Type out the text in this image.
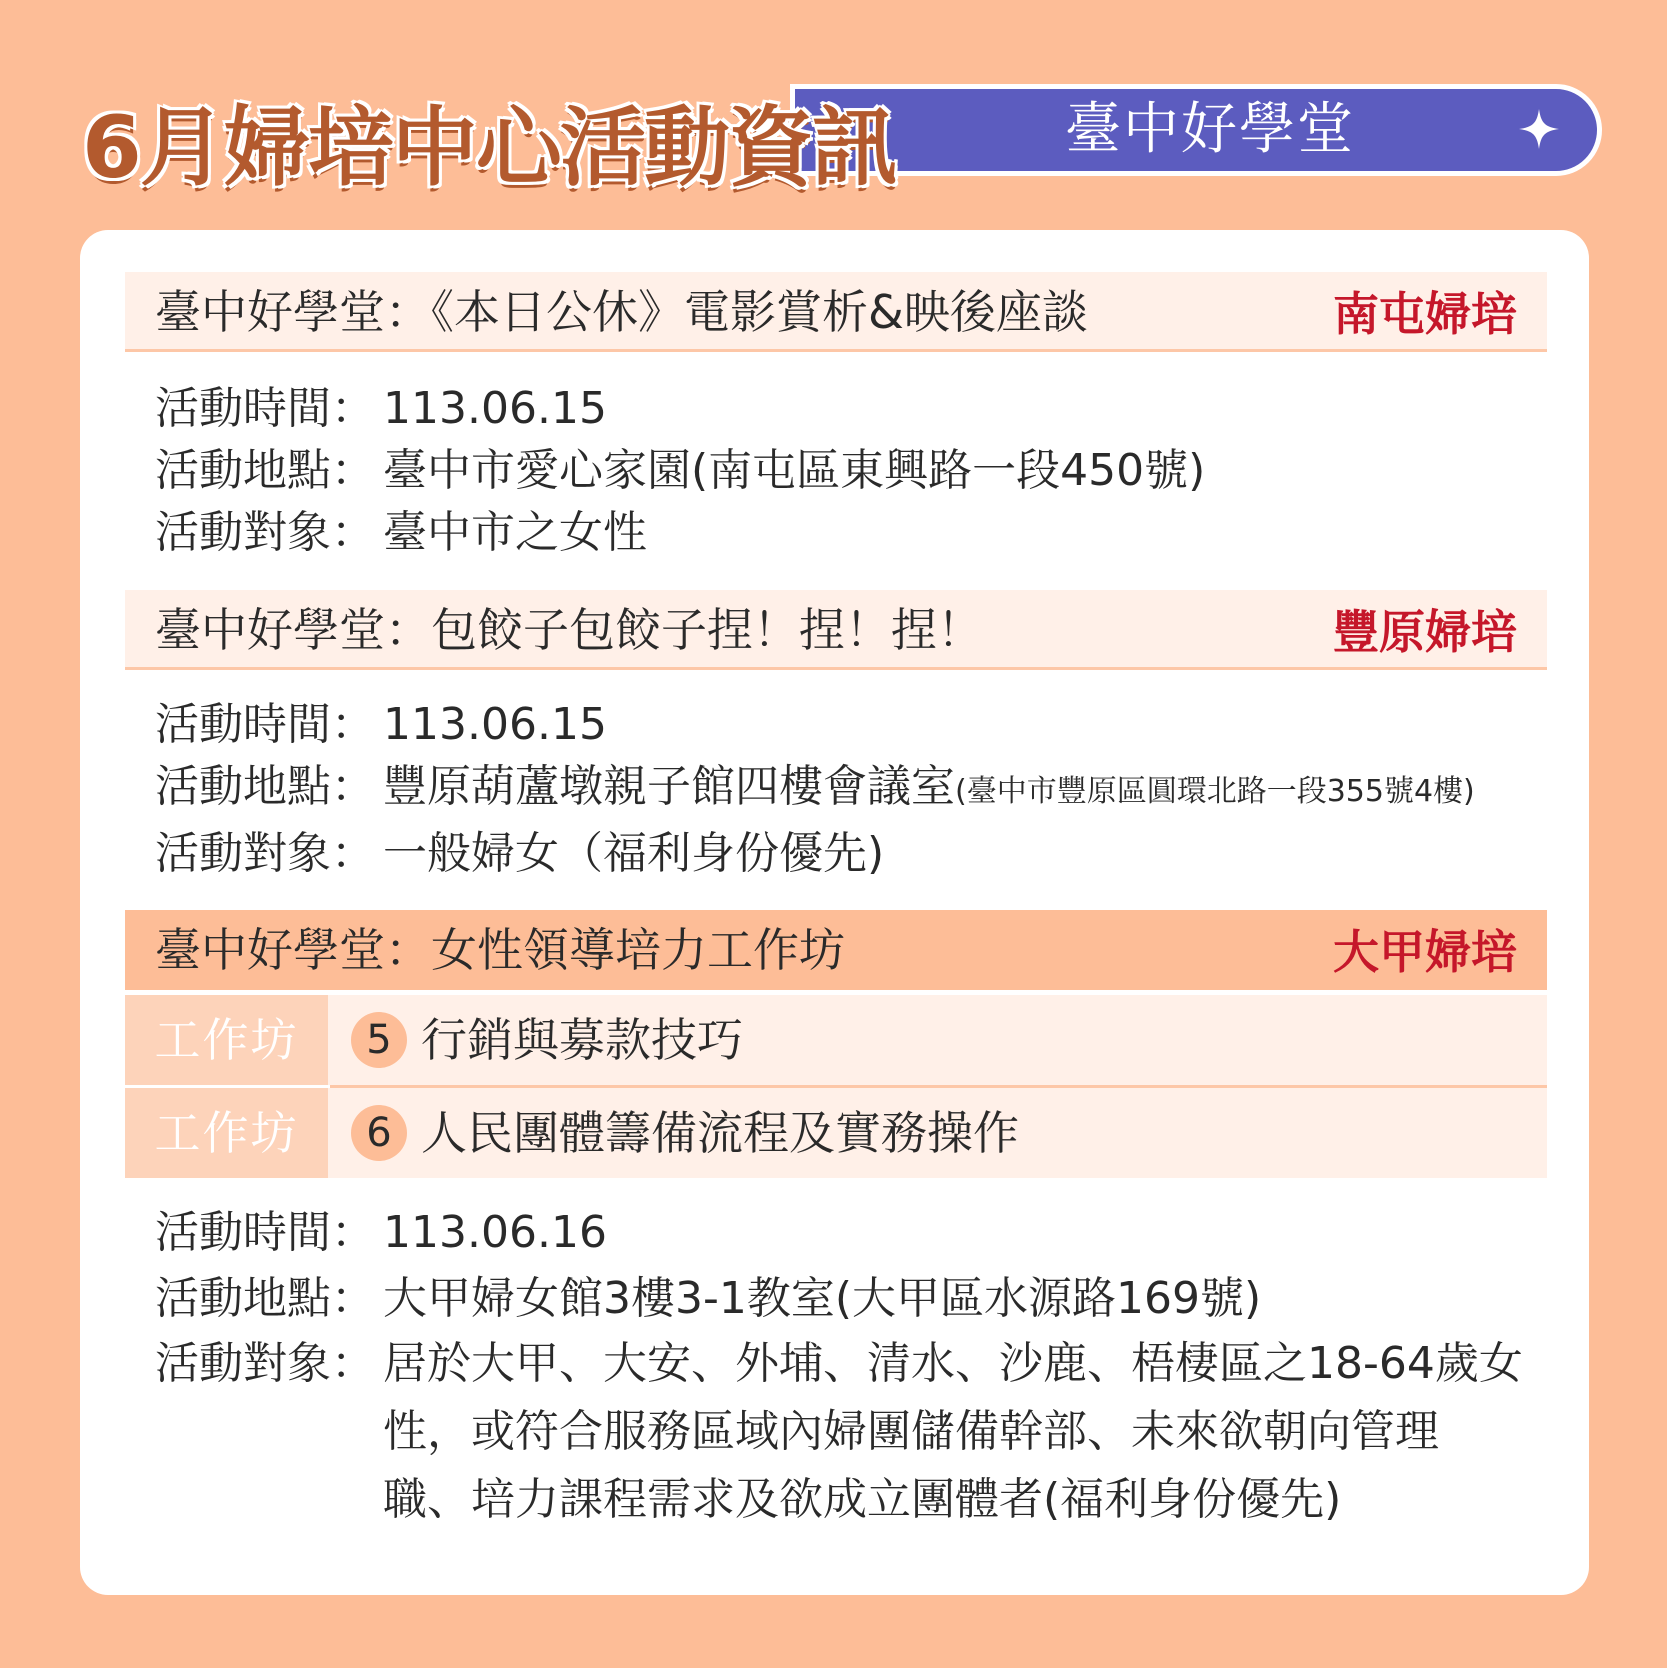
6月婦培中心活動資訊	臺中好學堂
臺中好學堂：《本日公休》電影賞析&映後座談	南屯婦培
活動時間： 113.06.15
活動地點： 臺中市愛心家園(南屯區東興路一段450號)
活動對象： 臺中市之女性
臺中好學堂：包餃子包餃子捏！捏！捏！	豐原婦培
活動時間： 113.06.15
活動地點： 豐原葫蘆墩親子館四樓會議室(臺中市豐原區圓環北路一段355號4樓)
活動對象： 一般婦女（福利身份優先)
臺中好學堂：女性領導培力工作坊	大甲婦培
工作坊	5 行銷與募款技巧
工作坊	6 人民團體籌備流程及實務操作
活動時間： 113.06.16
活動地點： 大甲婦女館3樓3-1教室(大甲區水源路169號)
活動對象： 居於大甲、大安、外埔、清水、沙鹿、梧棲區之18-64歲女性，或符合服務區域內婦團儲備幹部、未來欲朝向管理職、培力課程需求及欲成立團體者(福利身份優先)
